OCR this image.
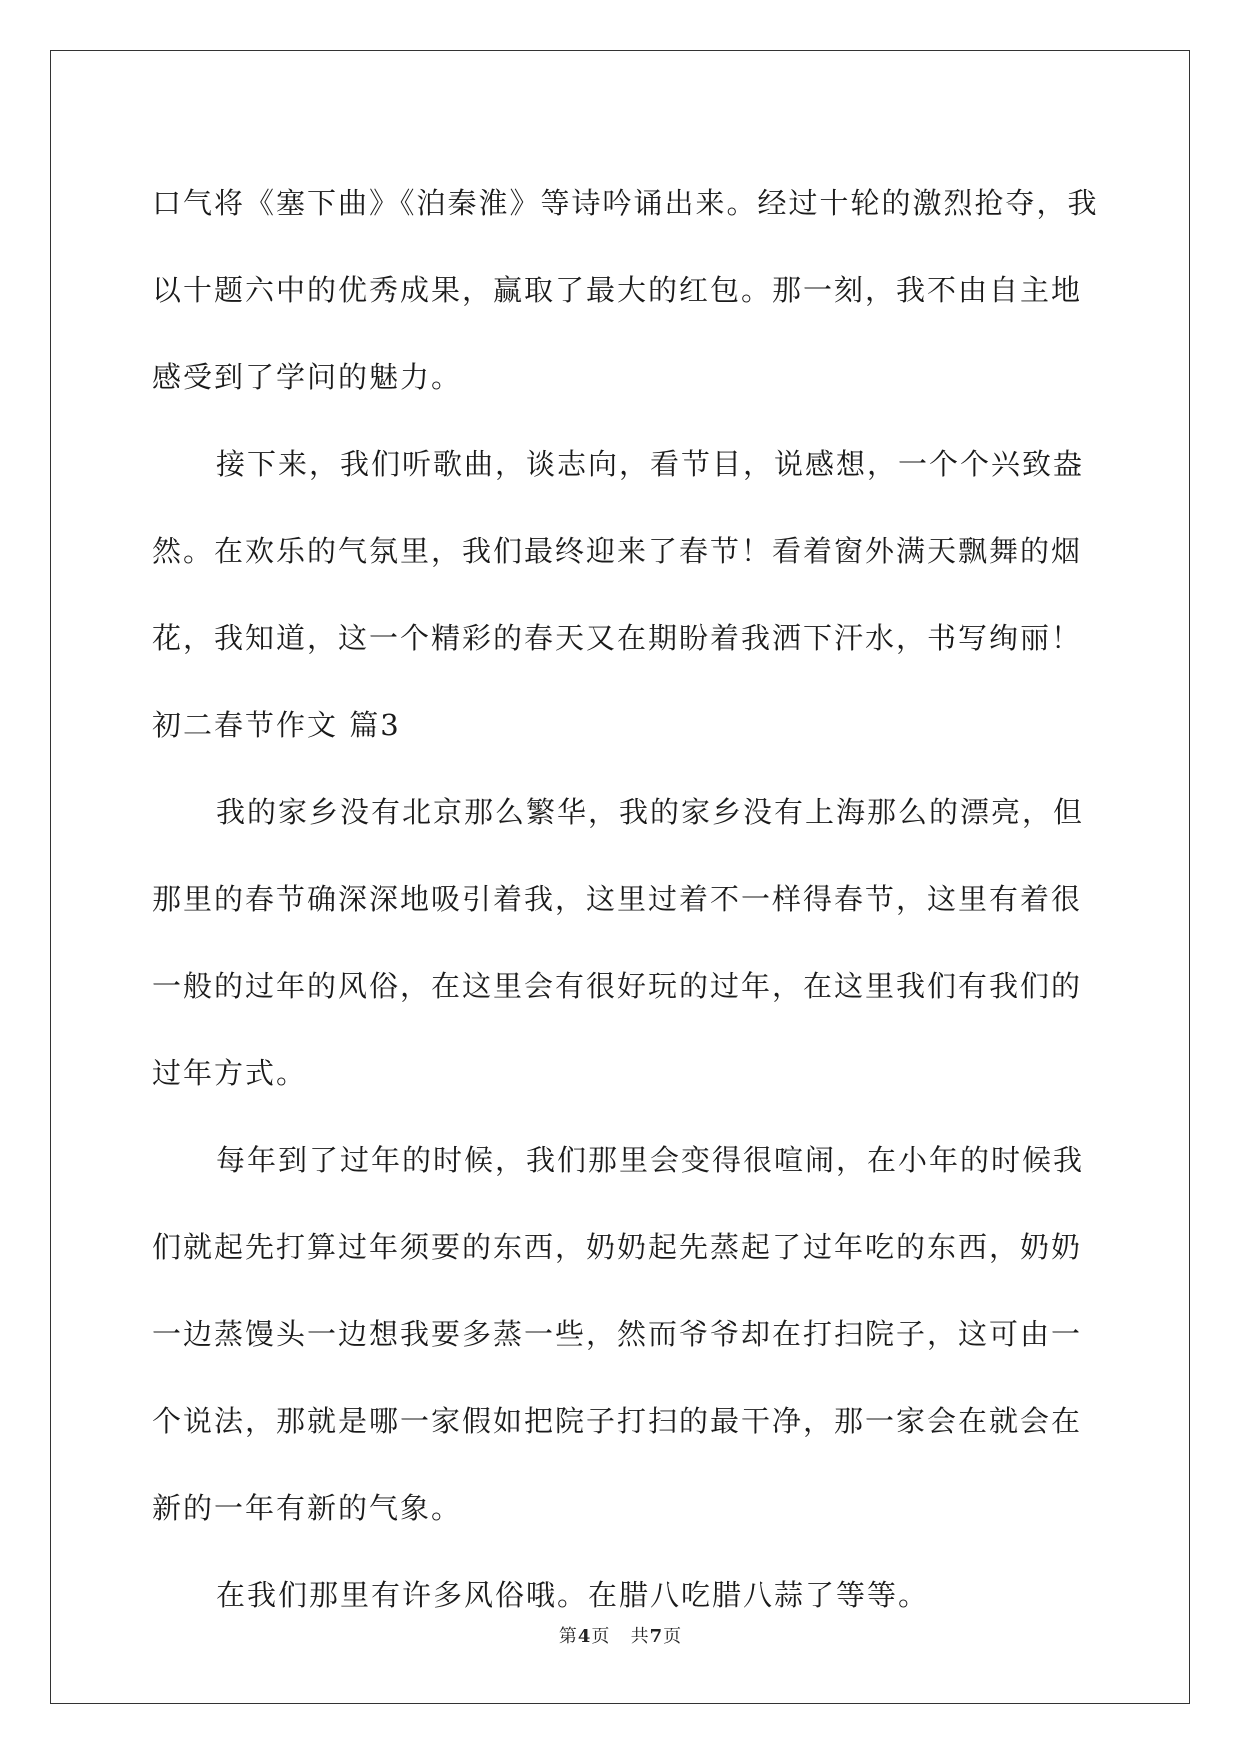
口气将《塞下曲》《泊秦淮》等诗吟诵出来。经过十轮的激烈抢夺，我
以十题六中的优秀成果，赢取了最大的红包。那一刻，我不由自主地
感受到了学问的魅力。
接下来，我们听歌曲，谈志向，看节目，说感想，一个个兴致盎
然。在欢乐的气氛里，我们最终迎来了春节！看着窗外满天飘舞的烟
花，我知道，这一个精彩的春天又在期盼着我洒下汗水，书写绚丽！
初二春节作文 篇3
我的家乡没有北京那么繁华，我的家乡没有上海那么的漂亮，但
那里的春节确深深地吸引着我，这里过着不一样得春节，这里有着很
一般的过年的风俗，在这里会有很好玩的过年，在这里我们有我们的
过年方式。
每年到了过年的时候，我们那里会变得很喧闹，在小年的时候我
们就起先打算过年须要的东西，奶奶起先蒸起了过年吃的东西，奶奶
一边蒸馒头一边想我要多蒸一些，然而爷爷却在打扫院子，这可由一
个说法，那就是哪一家假如把院子打扫的最干净，那一家会在就会在
新的一年有新的气象。
在我们那里有许多风俗哦。在腊八吃腊八蒜了等等。
第4页 共7页
